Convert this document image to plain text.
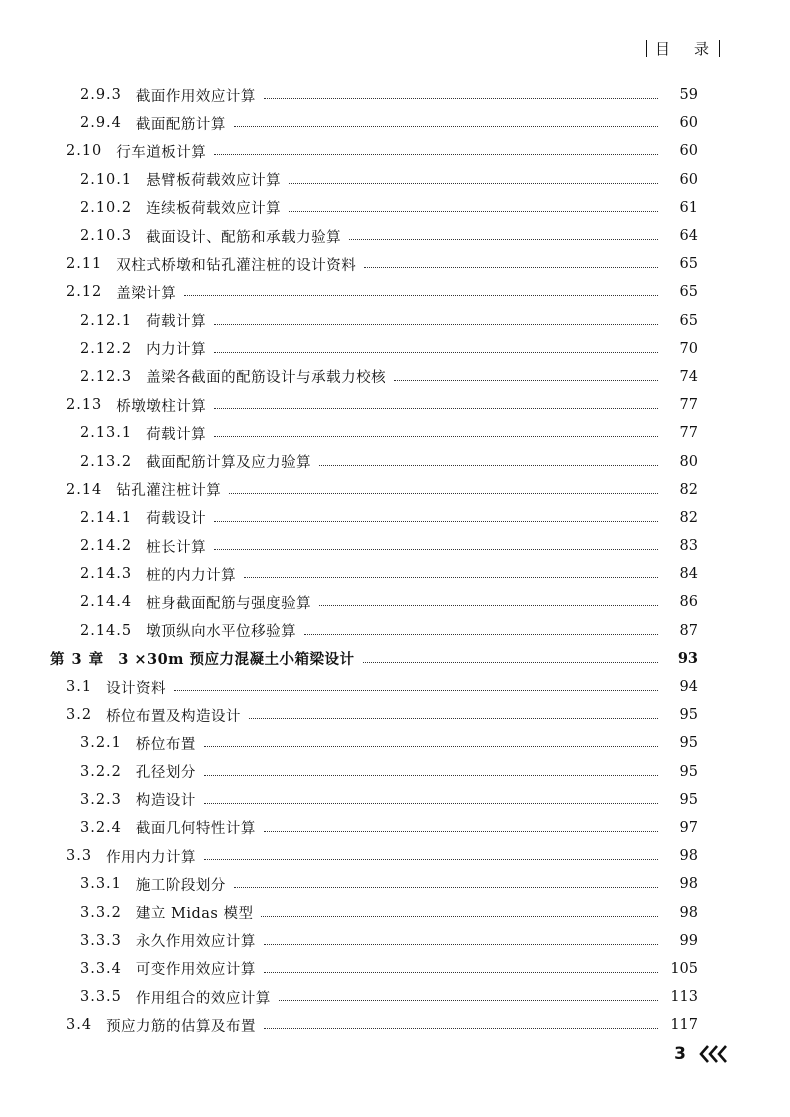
目 录
2.9.3 截面作用效应计算	59
2.9.4 截面配筋计算	60
2.10 行车道板计算	60
2.10.1 悬臂板荷载效应计算	60
2.10.2 连续板荷载效应计算	61
2.10.3 截面设计、配筋和承载力验算	64
2.11 双柱式桥墩和钻孔灌注桩的设计资料	65
2.12 盖梁计算	65
2.12.1 荷载计算	65
2.12.2 内力计算	70
2.12.3 盖梁各截面的配筋设计与承载力校核	74
2.13 桥墩墩柱计算	77
2.13.1 荷载计算	77
2.13.2 截面配筋计算及应力验算	80
2.14 钻孔灌注桩计算	82
2.14.1 荷载设计	82
2.14.2 桩长计算	83
2.14.3 桩的内力计算	84
2.14.4 桩身截面配筋与强度验算	86
2.14.5 墩顶纵向水平位移验算	87
第 3 章 3 ×30m 预应力混凝土小箱梁设计	93
3.1 设计资料	94
3.2 桥位布置及构造设计	95
3.2.1 桥位布置	95
3.2.2 孔径划分	95
3.2.3 构造设计	95
3.2.4 截面几何特性计算	97
3.3 作用内力计算	98
3.3.1 施工阶段划分	98
3.3.2 建立 Midas 模型	98
3.3.3 永久作用效应计算	99
3.3.4 可变作用效应计算	105
3.3.5 作用组合的效应计算	113
3.4 预应力筋的估算及布置	117
3
